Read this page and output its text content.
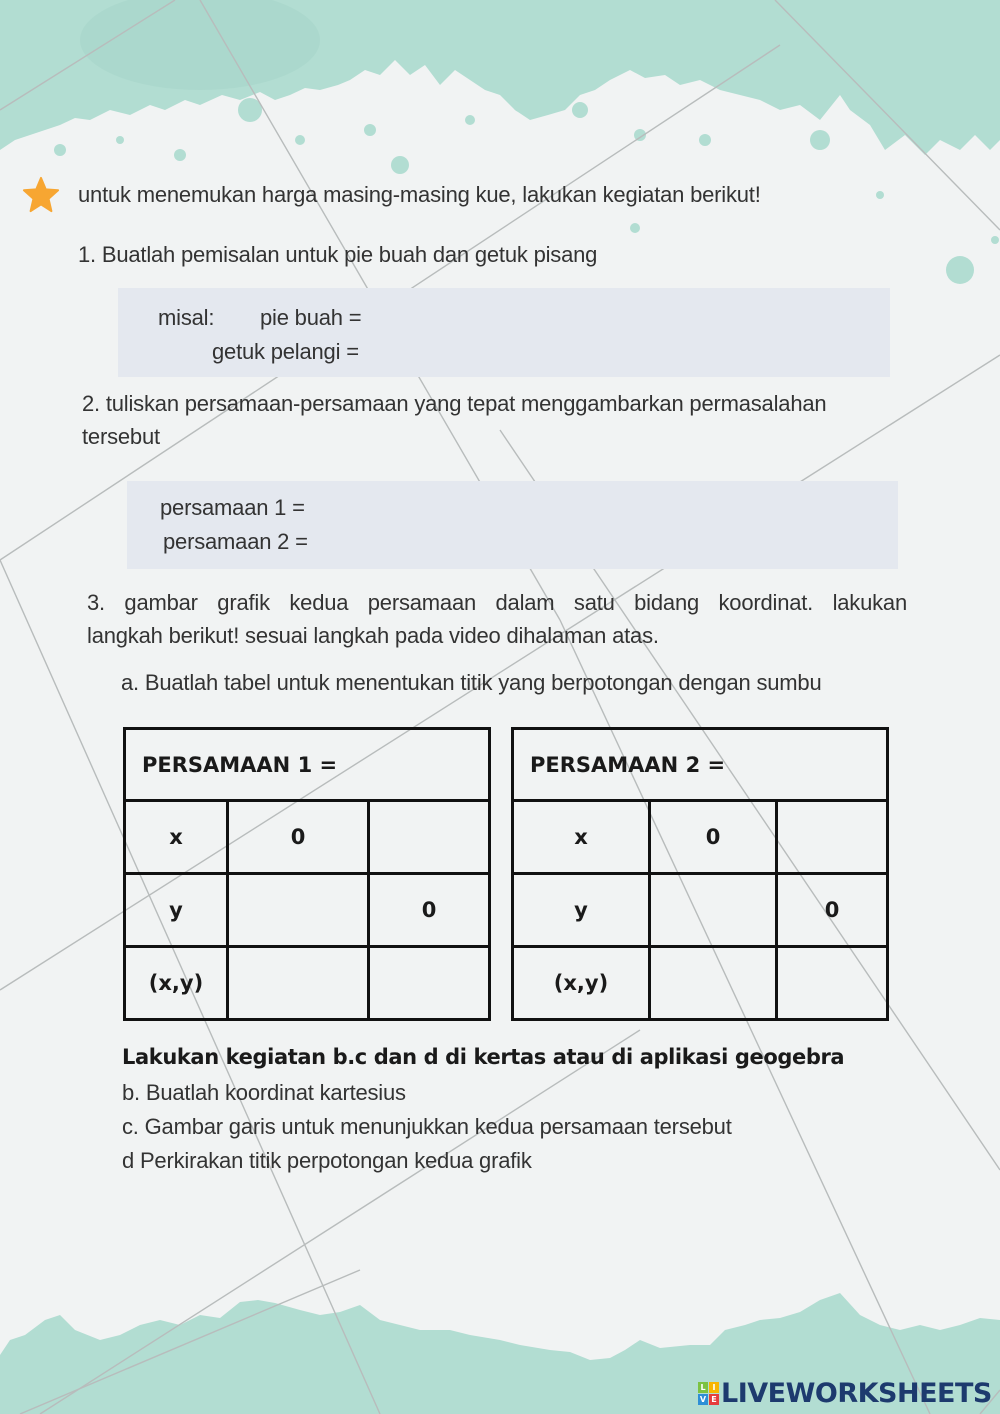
untuk menemukan harga masing-masing kue, lakukan kegiatan berikut!
1. Buatlah pemisalan untuk pie buah dan getuk pisang
misal: pie buah =
getuk pelangi =
2. tuliskan persamaan-persamaan yang tepat menggambarkan permasalahan
tersebut
persamaan 1 =
persamaan 2 =
3. gambar grafik kedua persamaan dalam satu bidang koordinat. lakukan
langkah berikut! sesuai langkah pada video dihalaman atas.
a. Buatlah tabel untuk menentukan titik yang berpotongan dengan sumbu
PERSAMAAN 1 =		
x	0	
y		0
(x,y)		
PERSAMAAN 2 =		
x	0	
y		0
(x,y)		
Lakukan kegiatan b.c dan d di kertas atau di aplikasi geogebra
b. Buatlah koordinat kartesius
c. Gambar garis untuk menunjukkan kedua persamaan tersebut
d Perkirakan titik perpotongan kedua grafik
L I
V E LIVEWORKSHEETS
